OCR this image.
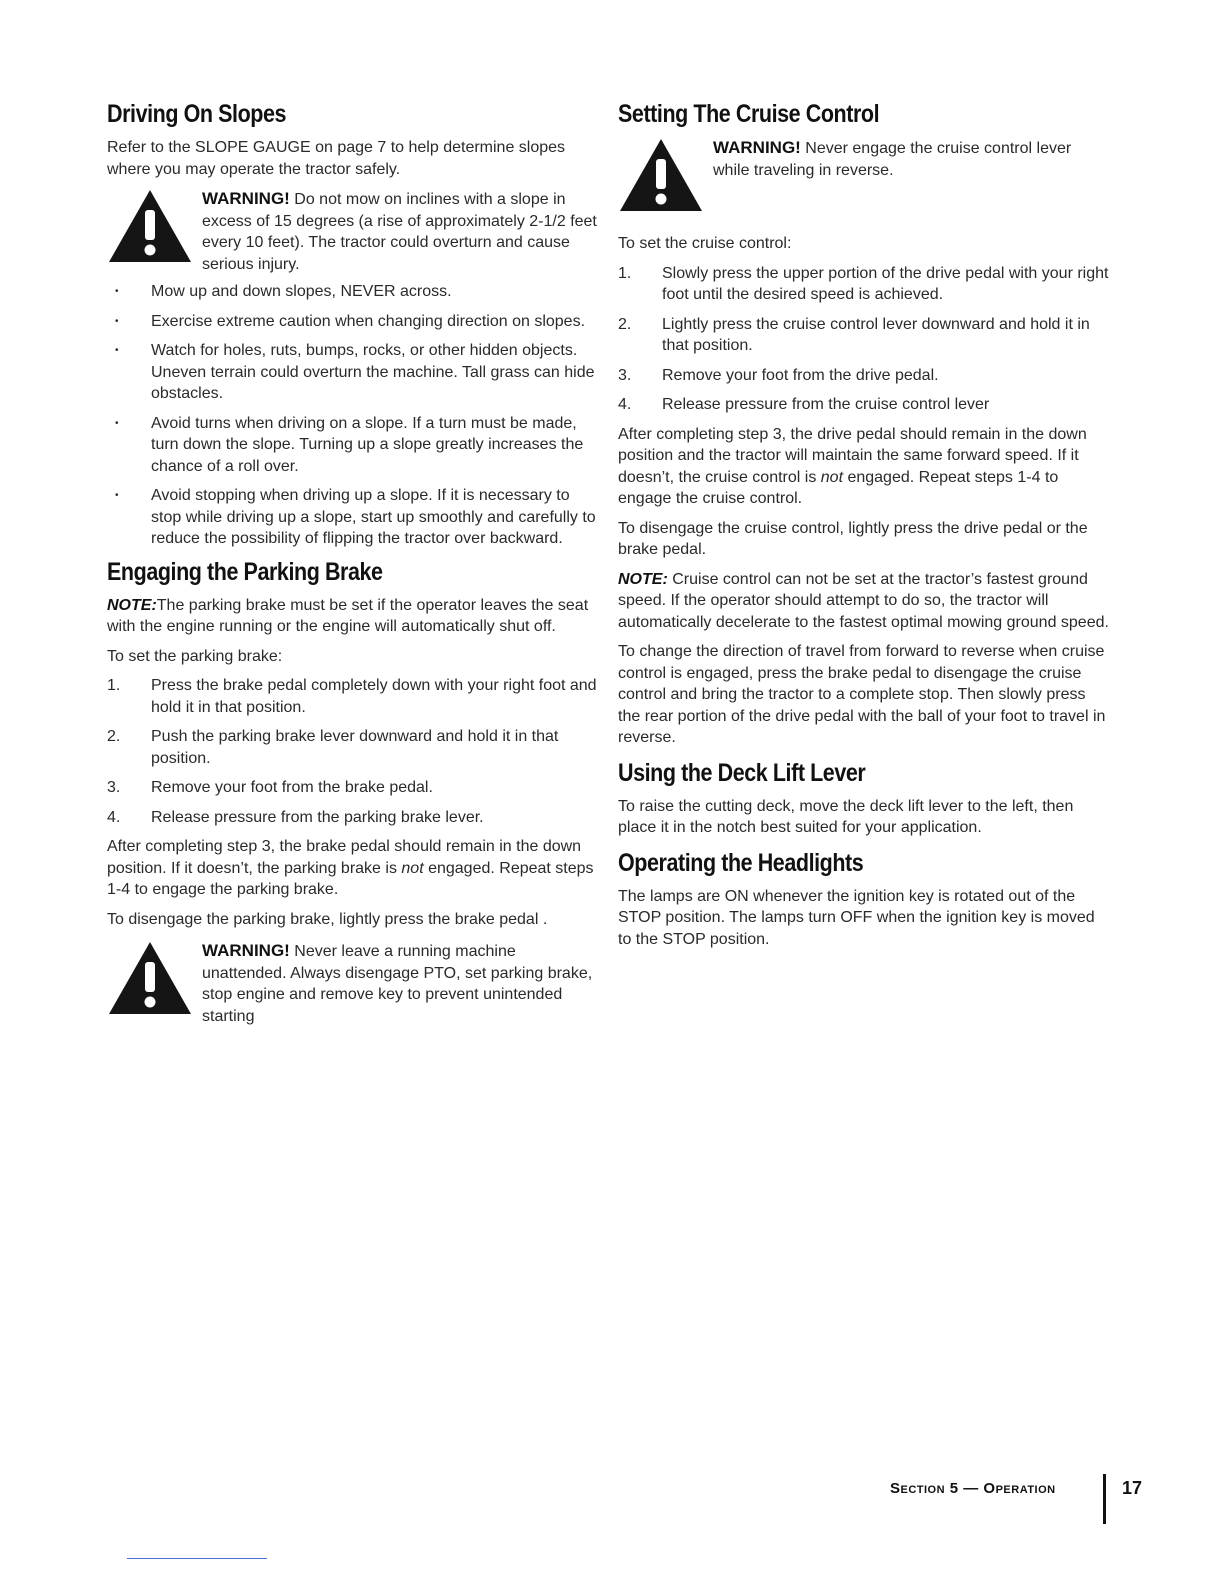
Driving On Slopes

Refer to the SLOPE GAUGE on page 7 to help determine slopes where you may operate the tractor safely.

WARNING! Do not mow on inclines with a slope in excess of 15 degrees (a rise of approximately 2-1/2 feet every 10 feet). The tractor could overturn and cause serious injury.
• Mow up and down slopes, NEVER across.
• Exercise extreme caution when changing direction on slopes.
• Watch for holes, ruts, bumps, rocks, or other hidden objects. Uneven terrain could overturn the machine. Tall grass can hide obstacles.
• Avoid turns when driving on a slope. If a turn must be made, turn down the slope. Turning up a slope greatly increases the chance of a roll over.
• Avoid stopping when driving up a slope. If it is necessary to stop while driving up a slope, start up smoothly and carefully to reduce the possibility of flipping the tractor over backward.
Engaging the Parking Brake

NOTE:The parking brake must be set if the operator leaves the seat with the engine running or the engine will automatically shut off.

To set the parking brake:

1. Press the brake pedal completely down with your right foot and hold it in that position.
2. Push the parking brake lever downward and hold it in that position.
3. Remove your foot from the brake pedal.
4. Release pressure from the parking brake lever.

After completing step 3, the brake pedal should remain in the down position. If it doesn’t, the parking brake is not engaged. Repeat steps 1-4 to engage the parking brake.

To disengage the parking brake, lightly press the brake pedal .

WARNING! Never leave a running machine unattended. Always disengage PTO, set parking brake, stop engine and remove key to prevent unintended starting
Setting The Cruise Control
WARNING! Never engage the cruise control lever while traveling in reverse.

To set the cruise control:

1. Slowly press the upper portion of the drive pedal with your right foot until the desired speed is achieved.
2. Lightly press the cruise control lever downward and hold it in that position.
3. Remove your foot from the drive pedal.
4. Release pressure from the cruise control lever

After completing step 3, the drive pedal should remain in the down position and the tractor will maintain the same forward speed. If it doesn’t, the cruise control is not engaged. Repeat steps 1-4 to engage the cruise control.

To disengage the cruise control, lightly press the drive pedal or the brake pedal.

NOTE: Cruise control can not be set at the tractor’s fastest ground speed. If the operator should attempt to do so, the tractor will automatically decelerate to the fastest optimal mowing ground speed.

To change the direction of travel from forward to reverse when cruise control is engaged, press the brake pedal to disengage the cruise control and bring the tractor to a complete stop. Then slowly press the rear portion of the drive pedal with the ball of your foot to travel in reverse.

Using the Deck Lift Lever

To raise the cutting deck, move the deck lift lever to the left, then place it in the notch best suited for your application.

Operating the Headlights

The lamps are ON whenever the ignition key is rotated out of the STOP position. The lamps turn OFF when the ignition key is moved to the STOP position.

Section 5 — Operation	17
